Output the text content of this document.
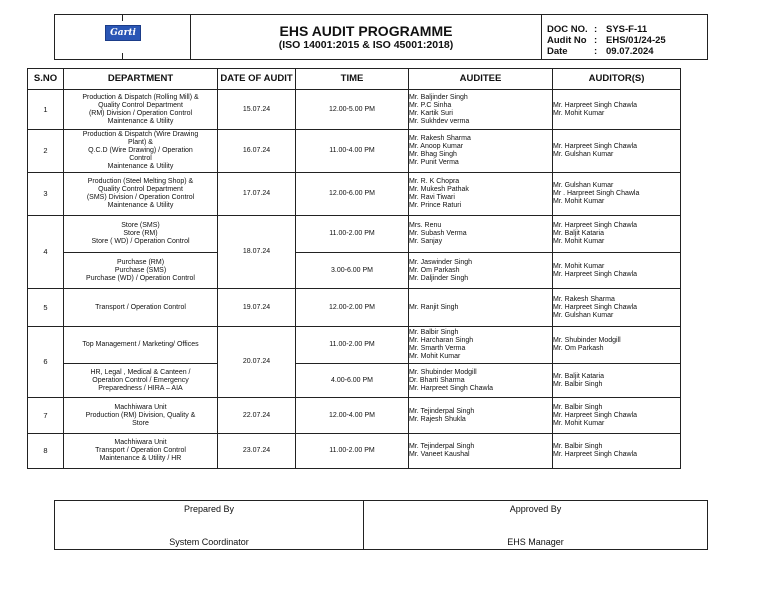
Garti	EHS AUDIT PROGRAMME
(ISO 14001:2015 & ISO 45001:2018)
DOC NO. : SYS-F-11
Audit No : EHS/01/24-25
Date	: 09.07.2024
S.NO	DEPARTMENT	DATE OF AUDIT	TIME	AUDITEE	AUDITOR(S)
1	Production & Dispatch (Rolling Mill) &
Quality Control Department
(RM) Division / Operation Control
Maintenance & Utility	15.07.24	12.00-5.00 PM	Mr. Baljinder Singh
Mr. P.C Sinha
Mr. Kartik Suri
Mr. Sukhdev verma	Mr. Harpreet Singh Chawla
Mr. Mohit Kumar

2	Production & Dispatch (Wire Drawing
Plant) &
Q.C.D (Wire Drawing) / Operation
Control
Maintenance & Utility	16.07.24	11.00-4.00 PM	Mr. Rakesh Sharma
Mr. Anoop Kumar
Mr. Bhag Singh
Mr. Punit Verma	Mr. Harpreet Singh Chawla
Mr. Gulshan Kumar

3	Production (Steel Melting Shop) &
Quality Control Department
(SMS) Division / Operation Control
Maintenance & Utility	17.07.24	12.00-6.00 PM	Mr. R. K Chopra
Mr. Mukesh Pathak
Mr. Ravi Tiwari
Mr. Prince Raturi	Mr. Gulshan Kumar
Mr . Harpreet Singh Chawla
Mr. Mohit Kumar

4	Store (SMS)
Store (RM)
Store ( WD) / Operation Control	18.07.24	11.00-2.00 PM	Mrs. Renu
Mr. Subash Verma
Mr. Sanjay	Mr. Harpreet Singh Chawla
Mr. Baljit Kataria
Mr. Mohit Kumar

	Purchase (RM)
Purchase (SMS)
Purchase (WD) / Operation Control		3.00-6.00 PM	Mr. Jaswinder Singh
Mr. Om Parkash
Mr. Daljinder Singh	Mr. Mohit Kumar
Mr. Harpreet Singh Chawla

5	Transport / Operation Control	19.07.24	12.00-2.00 PM	Mr. Ranjit Singh	Mr. Rakesh Sharma
Mr. Harpreet Singh Chawla
Mr. Gulshan Kumar

6	Top Management / Marketing/ Offices	20.07.24	11.00-2.00 PM	Mr. Balbir Singh
Mr. Harcharan Singh
Mr. Smarth Verma
Mr. Mohit Kumar	Mr. Shubinder Modgill
Mr. Om Parkash

	HR, Legal , Medical & Canteen /
Operation Control / Emergency
Preparedness / HIRA – AIA		4.00-6.00 PM	Mr. Shubinder Modgill
Dr. Bharti Sharma
Mr. Harpreet Singh Chawla	Mr. Baljit Kataria
Mr. Balbir Singh

7	Machhiwara Unit
Production (RM) Division, Quality &
Store	22.07.24	12.00-4.00 PM	Mr. Tejinderpal Singh
Mr. Rajesh Shukla	Mr. Balbir Singh
Mr. Harpreet Singh Chawla
Mr. Mohit Kumar

8	Machhiwara Unit
Transport / Operation Control
Maintenance & Utility / HR	23.07.24	11.00-2.00 PM	Mr. Tejinderpal Singh
Mr. Vaneet Kaushal	Mr. Balbir Singh
Mr. Harpreet Singh Chawla
Prepared By
System Coordinator
Approved By
EHS Manager
